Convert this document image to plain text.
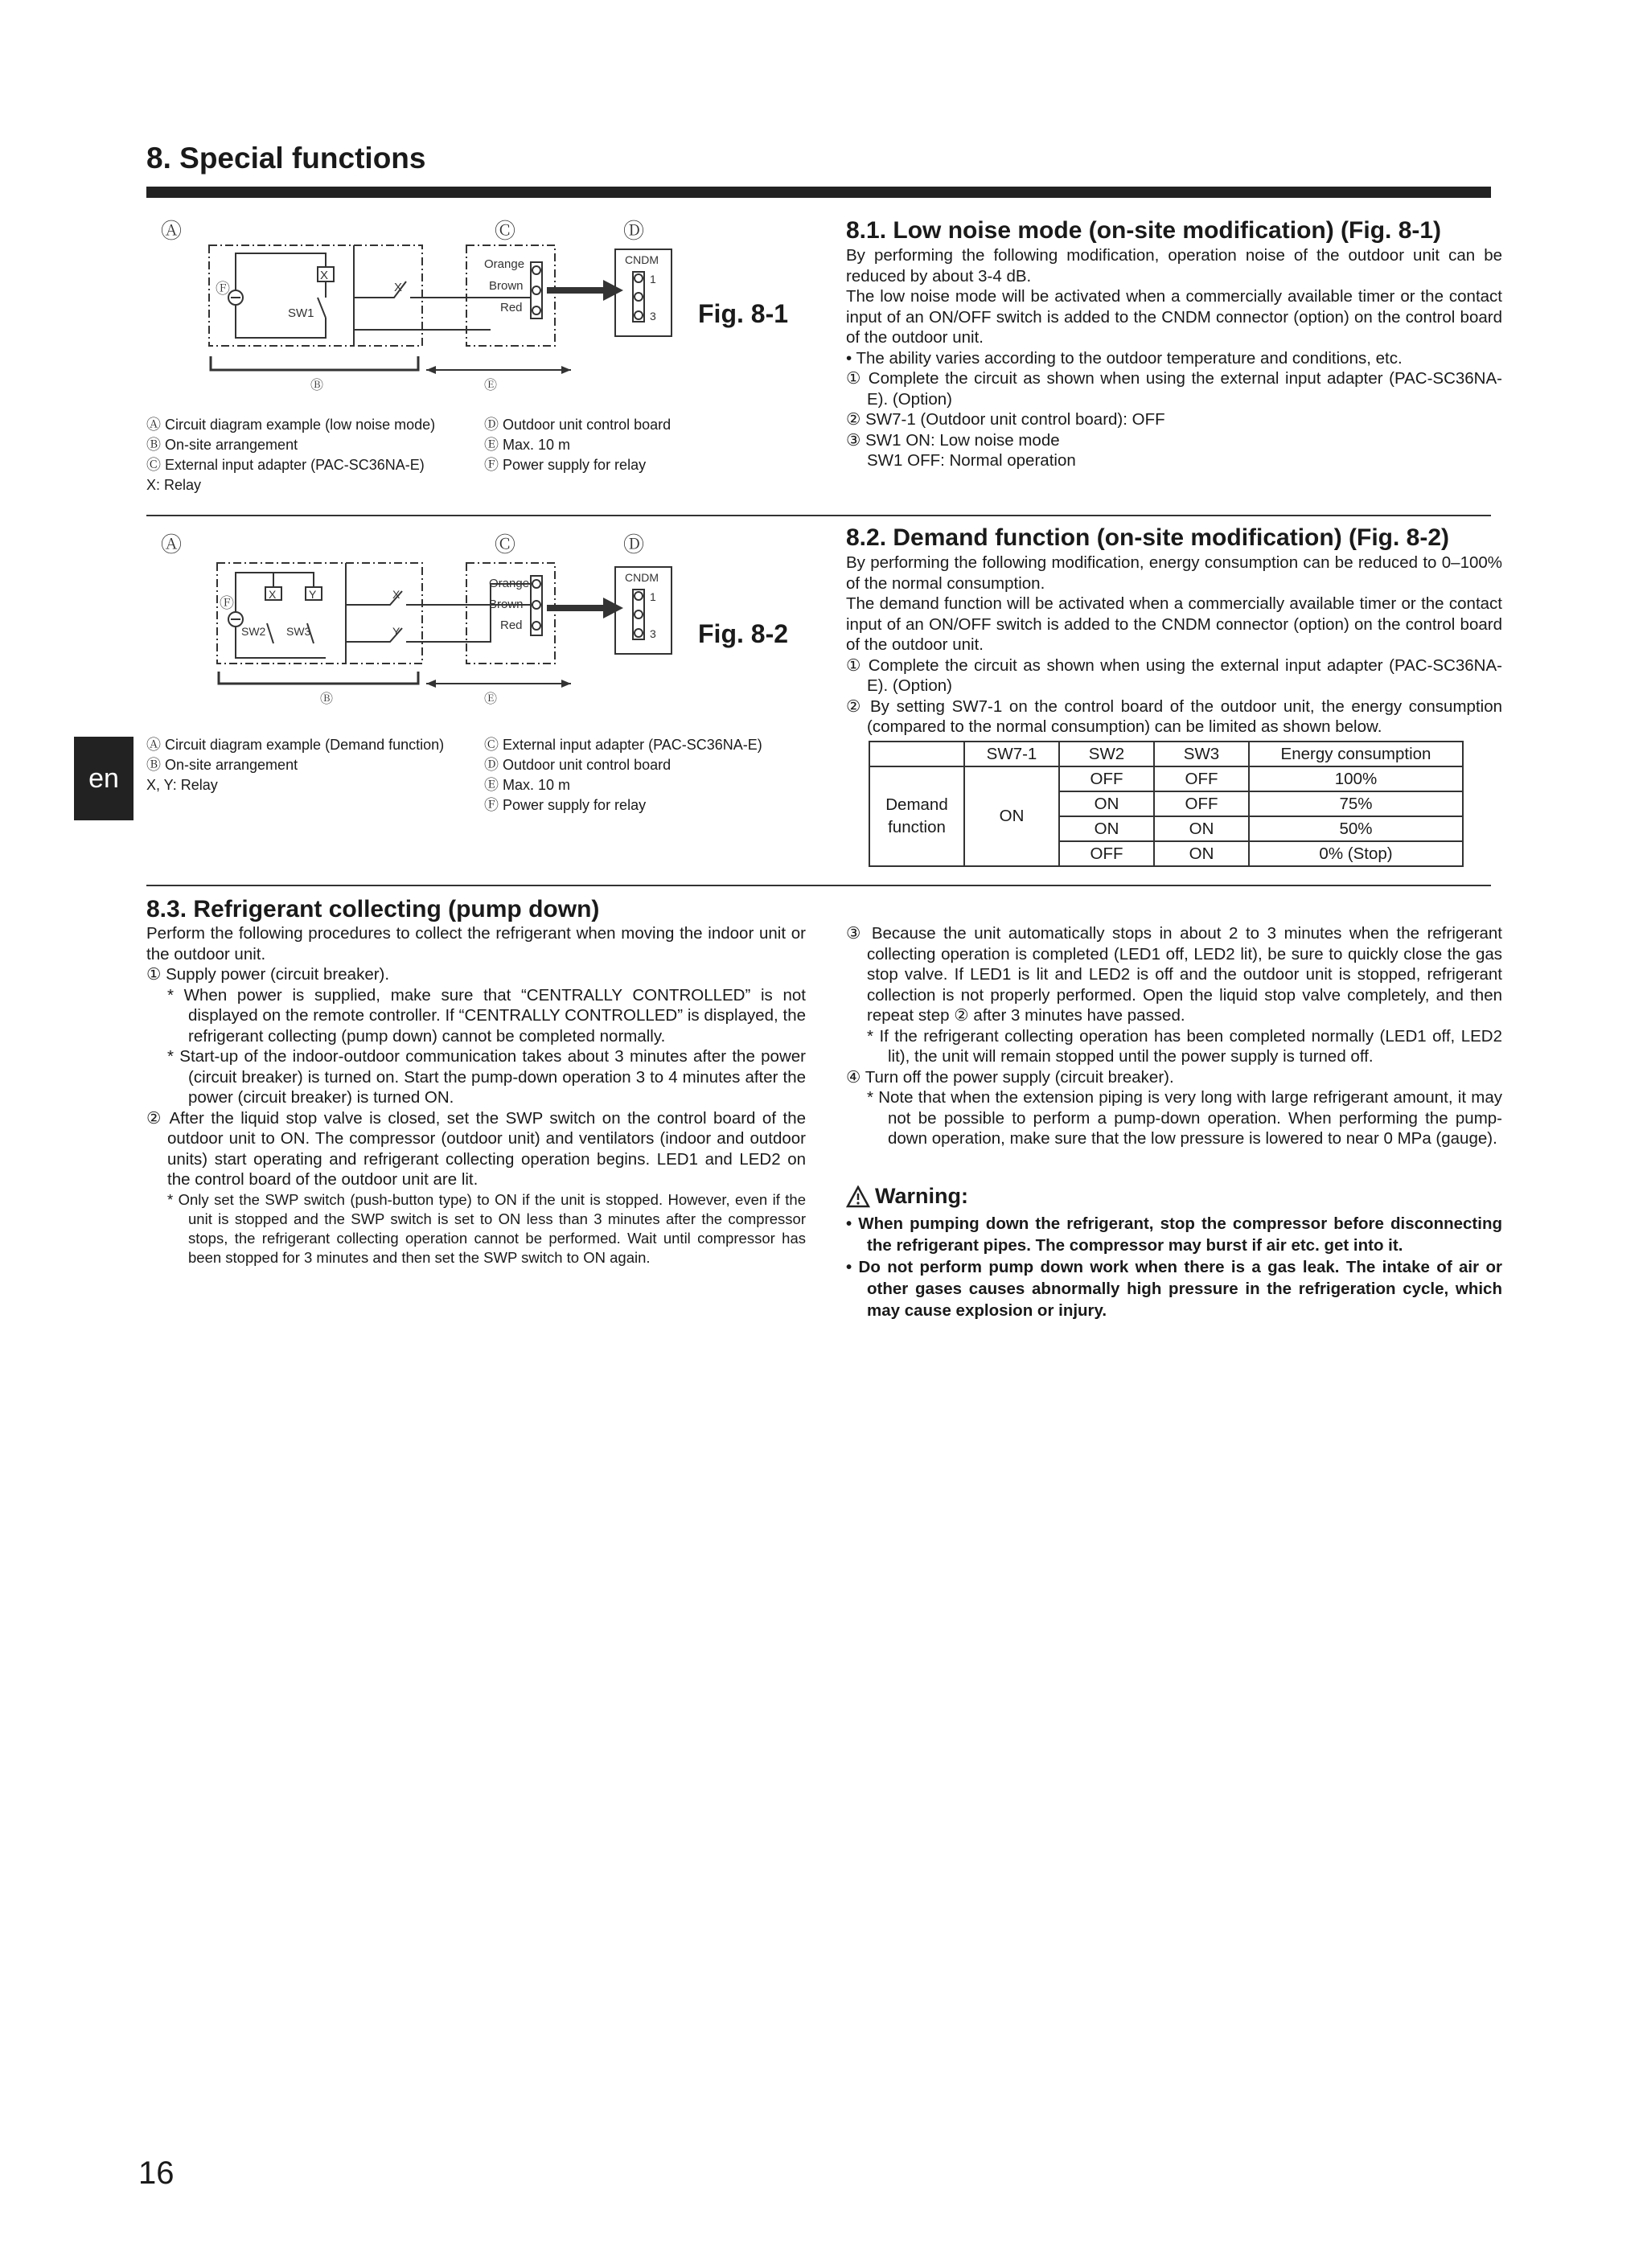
8. Special functions
Ⓐ	Ⓒ	Ⓓ
Ⓕ
X
SW1
X
Orange
Brown
Red
CNDM
1
3
Ⓑ	Ⓔ
Fig. 8-1
Ⓐ Circuit diagram example (low noise mode)
Ⓑ On-site arrangement
Ⓒ External input adapter (PAC-SC36NA-E)
X: Relay
Ⓓ Outdoor unit control board
Ⓔ Max. 10 m
Ⓕ Power supply for relay
8.1. Low noise mode (on-site modification) (Fig. 8-1)

By performing the following modification, operation noise of the outdoor unit can be reduced by about 3-4 dB.

The low noise mode will be activated when a commercially available timer or the contact input of an ON/OFF switch is added to the CNDM connector (option) on the control board of the outdoor unit.

• The ability varies according to the outdoor temperature and conditions, etc.

① Complete the circuit as shown when using the external input adapter (PAC-SC36NA-E). (Option)

② SW7-1 (Outdoor unit control board): OFF

③ SW1 ON: Low noise mode

SW1 OFF: Normal operation

Ⓐ	Ⓒ	Ⓓ
Ⓕ
X	Y
SW2 SW3
X
Y
Orange
Brown
Red
CNDM
1
3
Ⓑ	Ⓔ
Fig. 8-2
Ⓐ Circuit diagram example (Demand function)
Ⓑ On-site arrangement
X, Y: Relay
Ⓒ External input adapter (PAC-SC36NA-E)
Ⓓ Outdoor unit control board
Ⓔ Max. 10 m
Ⓕ Power supply for relay
en
8.2. Demand function (on-site modification) (Fig. 8-2)

By performing the following modification, energy consumption can be reduced to 0–100% of the normal consumption.

The demand function will be activated when a commercially available timer or the contact input of an ON/OFF switch is added to the CNDM connector (option) on the control board of the outdoor unit.

① Complete the circuit as shown when using the external input adapter (PAC-SC36NA-E). (Option)

② By setting SW7-1 on the control board of the outdoor unit, the energy consumption (compared to the normal consumption) can be limited as shown below.

	SW7-1	SW2	SW3	Energy consumption
Demand function	ON	OFF	OFF	100%
		ON	OFF	75%
		ON	ON	50%
		OFF	ON	0% (Stop)
8.3. Refrigerant collecting (pump down)

Perform the following procedures to collect the refrigerant when moving the indoor unit or the outdoor unit.

① Supply power (circuit breaker).

* When power is supplied, make sure that “CENTRALLY CONTROLLED” is not displayed on the remote controller. If “CENTRALLY CONTROLLED” is displayed, the refrigerant collecting (pump down) cannot be completed normally.

* Start-up of the indoor-outdoor communication takes about 3 minutes after the power (circuit breaker) is turned on. Start the pump-down operation 3 to 4 minutes after the power (circuit breaker) is turned ON.

② After the liquid stop valve is closed, set the SWP switch on the control board of the outdoor unit to ON. The compressor (outdoor unit) and ventilators (indoor and outdoor units) start operating and refrigerant collecting operation begins. LED1 and LED2 on the control board of the outdoor unit are lit.

* Only set the SWP switch (push-button type) to ON if the unit is stopped. However, even if the unit is stopped and the SWP switch is set to ON less than 3 minutes after the compressor stops, the refrigerant collecting operation cannot be performed. Wait until compressor has been stopped for 3 minutes and then set the SWP switch to ON again.

③ Because the unit automatically stops in about 2 to 3 minutes when the refrigerant collecting operation is completed (LED1 off, LED2 lit), be sure to quickly close the gas stop valve. If LED1 is lit and LED2 is off and the outdoor unit is stopped, refrigerant collection is not properly performed. Open the liquid stop valve completely, and then repeat step ② after 3 minutes have passed.

* If the refrigerant collecting operation has been completed normally (LED1 off, LED2 lit), the unit will remain stopped until the power supply is turned off.

④ Turn off the power supply (circuit breaker).

* Note that when the extension piping is very long with large refrigerant amount, it may not be possible to perform a pump-down operation. When performing the pump-down operation, make sure that the low pressure is lowered to near 0 MPa (gauge).

Warning:

• When pumping down the refrigerant, stop the compressor before disconnecting the refrigerant pipes. The compressor may burst if air etc. get into it.

• Do not perform pump down work when there is a gas leak. The intake of air or other gases causes abnormally high pressure in the refrigeration cycle, which may cause explosion or injury.

16
